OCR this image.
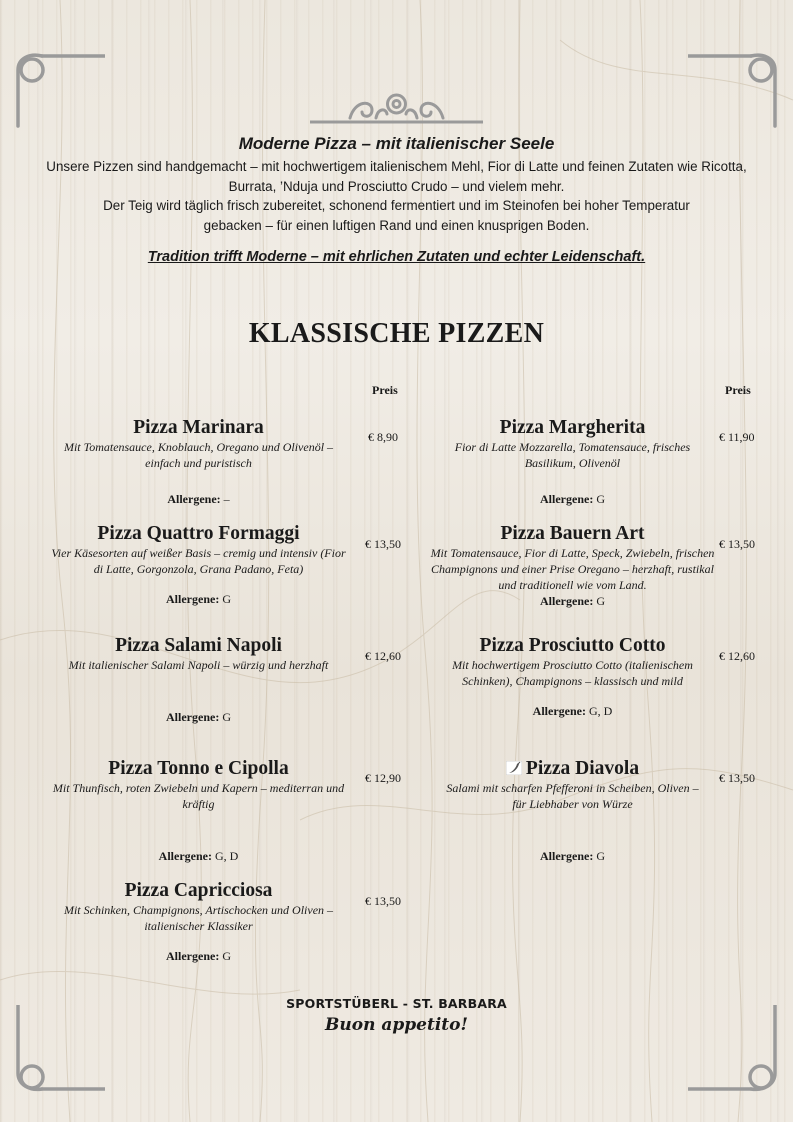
Moderne Pizza – mit italienischer Seele
Unsere Pizzen sind handgemacht – mit hochwertigem italienischem Mehl, Fior di Latte und feinen Zutaten wie Ricotta, Burrata, ’Nduja und Prosciutto Crudo – und vielem mehr.
Der Teig wird täglich frisch zubereitet, schonend fermentiert und im Steinofen bei hoher Temperatur gebacken – für einen luftigen Rand und einen knusprigen Boden.
Tradition trifft Moderne – mit ehrlichen Zutaten und echter Leidenschaft.
KLASSISCHE PIZZEN
Preis	Preis
Pizza Marinara
Mit Tomatensauce, Knoblauch, Oregano und Olivenöl – einfach und puristisch
Allergene: –
€ 8,90
Pizza Quattro Formaggi
Vier Käsesorten auf weißer Basis – cremig und intensiv (Fior di Latte, Gorgonzola, Grana Padano, Feta)
Allergene: G
€ 13,50
Pizza Salami Napoli
Mit italienischer Salami Napoli – würzig und herzhaft
Allergene: G
€ 12,60
Pizza Tonno e Cipolla
Mit Thunfisch, roten Zwiebeln und Kapern – mediterran und kräftig
Allergene: G, D
€ 12,90
Pizza Capricciosa
Mit Schinken, Champignons, Artischocken und Oliven – italienischer Klassiker
Allergene: G
€ 13,50
Pizza Margherita
Fior di Latte Mozzarella, Tomatensauce, frisches Basilikum, Olivenöl
Allergene: G
€ 11,90
Pizza Bauern Art
Mit Tomatensauce, Fior di Latte, Speck, Zwiebeln, frischen Champignons und einer Prise Oregano – herzhaft, rustikal und traditionell wie vom Land.
Allergene: G
€ 13,50
Pizza Prosciutto Cotto
Mit hochwertigem Prosciutto Cotto (italienischem Schinken), Champignons – klassisch und mild
Allergene: G, D
€ 12,60
Pizza Diavola
Salami mit scharfen Pfefferoni in Scheiben, Oliven – für Liebhaber von Würze
Allergene: G
€ 13,50
SPORTSTÜBERL - ST. BARBARA
Buon appetito!
